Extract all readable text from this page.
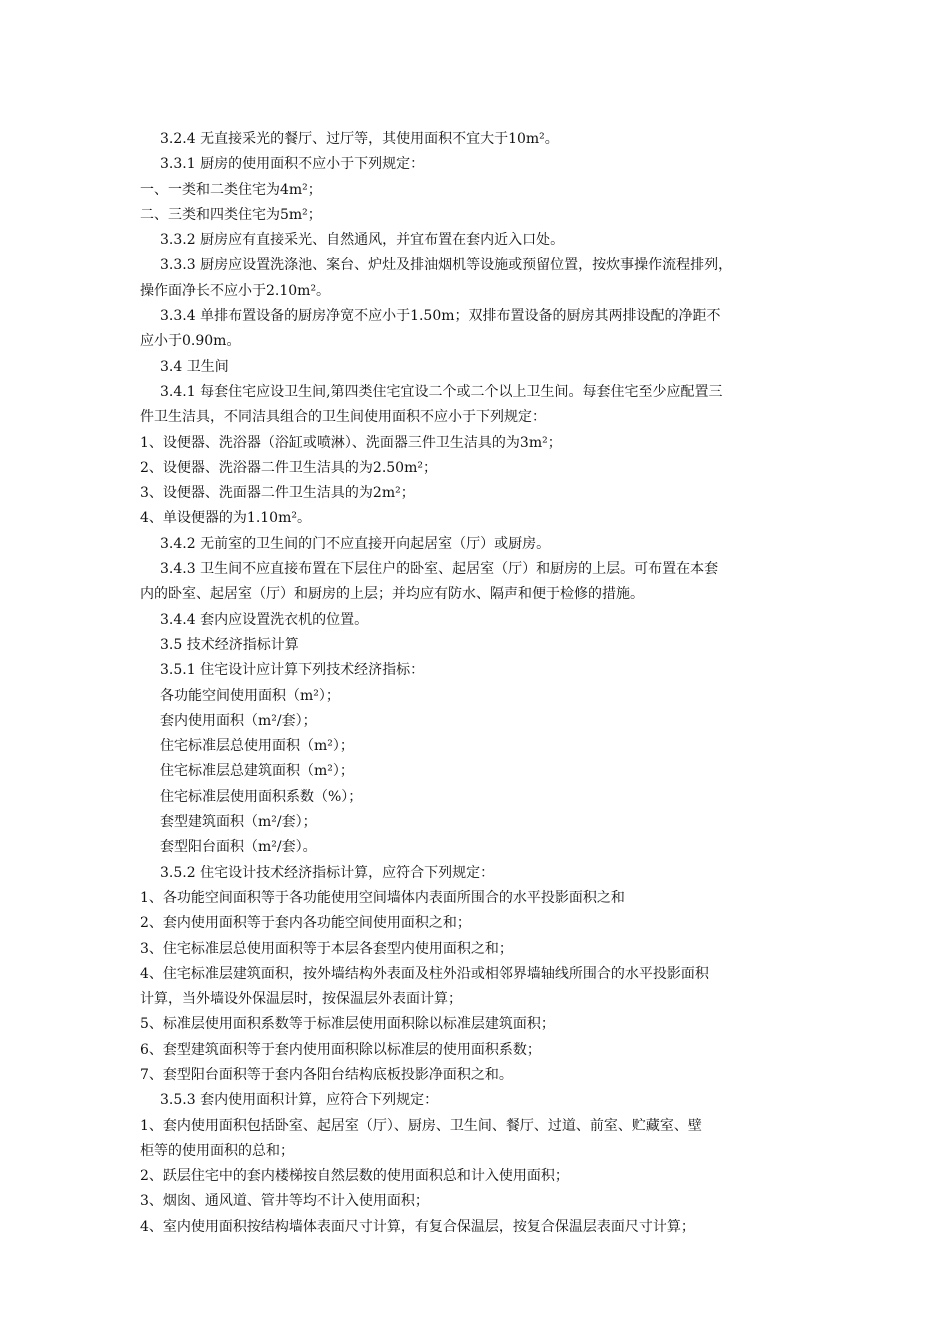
3.2.4 无直接采光的餐厅、过厅等，其使用面积不宜大于10m²。
3.3.1 厨房的使用面积不应小于下列规定：
一、一类和二类住宅为4m²；
二、三类和四类住宅为5m²；
3.3.2 厨房应有直接采光、自然通风，并宜布置在套内近入口处。
3.3.3 厨房应设置洗涤池、案台、炉灶及排油烟机等设施或预留位置，按炊事操作流程排列，
操作面净长不应小于2.10m²。
3.3.4 单排布置设备的厨房净宽不应小于1.50m；双排布置设备的厨房其两排设配的净距不
应小于0.90m。
3.4 卫生间
3.4.1 每套住宅应设卫生间,第四类住宅宜设二个或二个以上卫生间。每套住宅至少应配置三
件卫生洁具，不同洁具组合的卫生间使用面积不应小于下列规定：
1、设便器、洗浴器（浴缸或喷淋）、洗面器三件卫生洁具的为3m²；
2、设便器、洗浴器二件卫生洁具的为2.50m²；
3、设便器、洗面器二件卫生洁具的为2m²；
4、单设便器的为1.10m²。
3.4.2 无前室的卫生间的门不应直接开向起居室（厅）或厨房。
3.4.3 卫生间不应直接布置在下层住户的卧室、起居室（厅）和厨房的上层。可布置在本套
内的卧室、起居室（厅）和厨房的上层；并均应有防水、隔声和便于检修的措施。
3.4.4 套内应设置洗衣机的位置。
3.5 技术经济指标计算
3.5.1 住宅设计应计算下列技术经济指标：
各功能空间使用面积（m²）；
套内使用面积（m²/套）；
住宅标准层总使用面积（m²）；
住宅标准层总建筑面积（m²）；
住宅标准层使用面积系数（%）；
套型建筑面积（m²/套）；
套型阳台面积（m²/套）。
3.5.2 住宅设计技术经济指标计算，应符合下列规定：
1、各功能空间面积等于各功能使用空间墙体内表面所围合的水平投影面积之和
2、套内使用面积等于套内各功能空间使用面积之和；
3、住宅标准层总使用面积等于本层各套型内使用面积之和；
4、住宅标准层建筑面积，按外墙结构外表面及柱外沿或相邻界墙轴线所围合的水平投影面积
计算，当外墙设外保温层时，按保温层外表面计算；
5、标准层使用面积系数等于标准层使用面积除以标准层建筑面积；
6、套型建筑面积等于套内使用面积除以标准层的使用面积系数；
7、套型阳台面积等于套内各阳台结构底板投影净面积之和。
3.5.3 套内使用面积计算，应符合下列规定：
1、套内使用面积包括卧室、起居室（厅）、厨房、卫生间、餐厅、过道、前室、贮藏室、壁
柜等的使用面积的总和；
2、跃层住宅中的套内楼梯按自然层数的使用面积总和计入使用面积；
3、烟囱、通风道、管井等均不计入使用面积；
4、室内使用面积按结构墙体表面尺寸计算，有复合保温层，按复合保温层表面尺寸计算；
